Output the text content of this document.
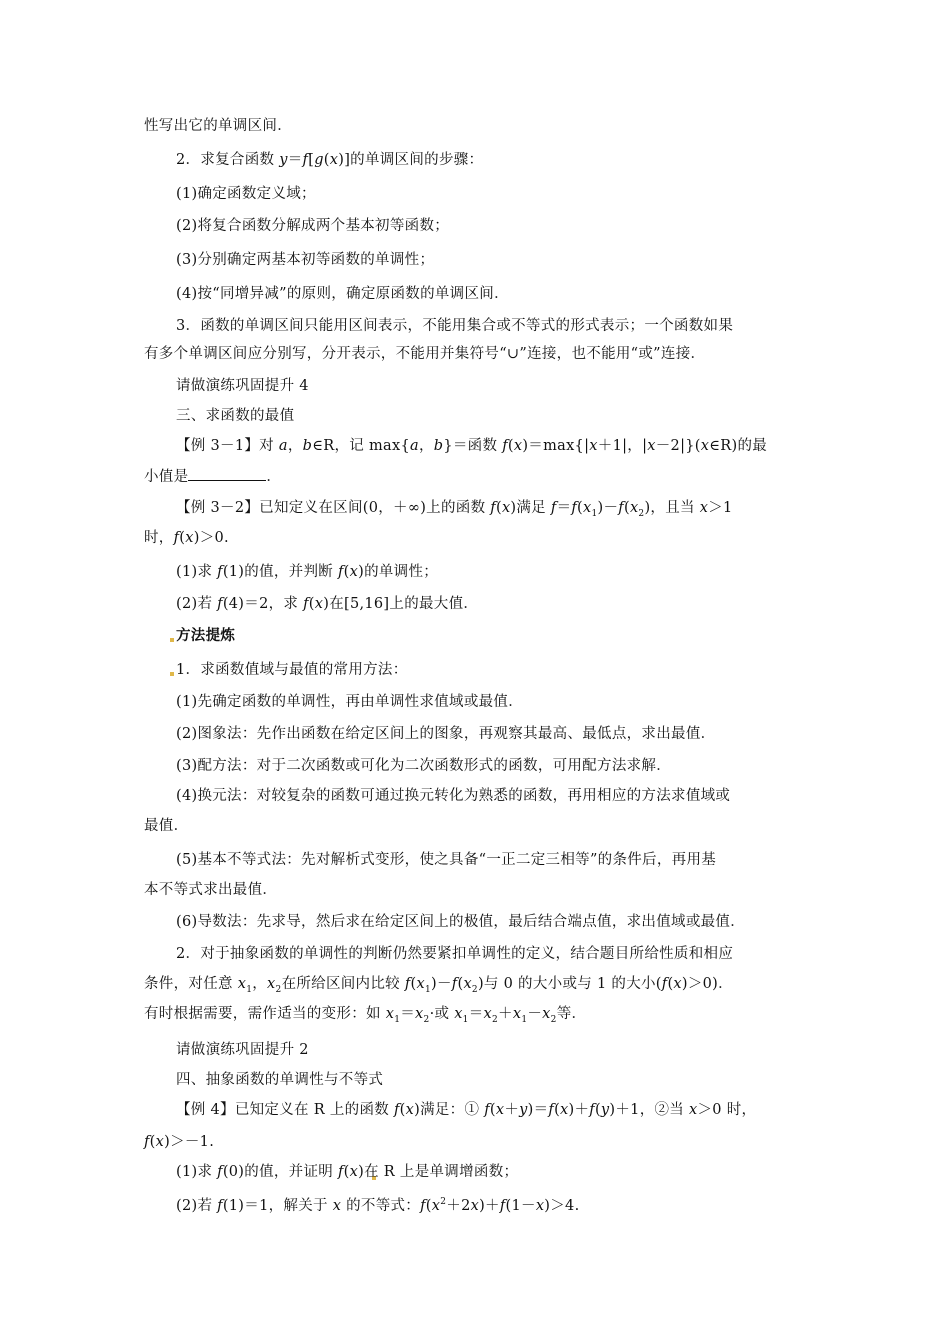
性写出它的单调区间．
2．求复合函数 y＝f[g(x)]的单调区间的步骤：
(1)确定函数定义域；
(2)将复合函数分解成两个基本初等函数；
(3)分别确定两基本初等函数的单调性；
(4)按“同增异减”的原则，确定原函数的单调区间．
3．函数的单调区间只能用区间表示，不能用集合或不等式的形式表示；一个函数如果
有多个单调区间应分别写，分开表示，不能用并集符号“∪”连接，也不能用“或”连接．
请做演练巩固提升 4
三、求函数的最值
【例 3－1】对 a，b∈R，记 max{a，b}＝函数 f(x)＝max{|x＋1|，|x－2|}(x∈R)的最
小值是	．
【例 3－2】已知定义在区间(0，＋∞)上的函数 f(x)满足 $f=f(x_1)-f(x_2)$，且当 x＞1
时，f(x)＞0.
(1)求 f(1)的值，并判断 f(x)的单调性；
(2)若 f(4)＝2，求 f(x)在[5,16]上的最大值．
方法提炼
1．求函数值域与最值的常用方法：
(1)先确定函数的单调性，再由单调性求值域或最值．
(2)图象法：先作出函数在给定区间上的图象，再观察其最高、最低点，求出最值．
(3)配方法：对于二次函数或可化为二次函数形式的函数，可用配方法求解．
(4)换元法：对较复杂的函数可通过换元转化为熟悉的函数，再用相应的方法求值域或
最值．
(5)基本不等式法：先对解析式变形，使之具备“一正二定三相等”的条件后，再用基
本不等式求出最值．
(6)导数法：先求导，然后求在给定区间上的极值，最后结合端点值，求出值域或最值．
2．对于抽象函数的单调性的判断仍然要紧扣单调性的定义，结合题目所给性质和相应
条件，对任意 $x_1$，$x_2$在所给区间内比较 $f(x_1)-f(x_2)$与 0 的大小或与 1 的大小(f(x)＞0)．
有时根据需要，需作适当的变形：如 $x_1=x_2\cdot$或 $x_1=x_2+x_1-x_2$等．
请做演练巩固提升 2
四、抽象函数的单调性与不等式
【例 4】已知定义在 R 上的函数 f(x)满足：① f(x＋y)＝f(x)＋f(y)＋1，②当 x＞0 时，
f(x)＞－1.
(1)求 f(0)的值，并证明 f(x)在 R 上是单调增函数；
(2)若 f(1)＝1，解关于 x 的不等式：$f(x^2+2x)+f(1-x)>4$.
